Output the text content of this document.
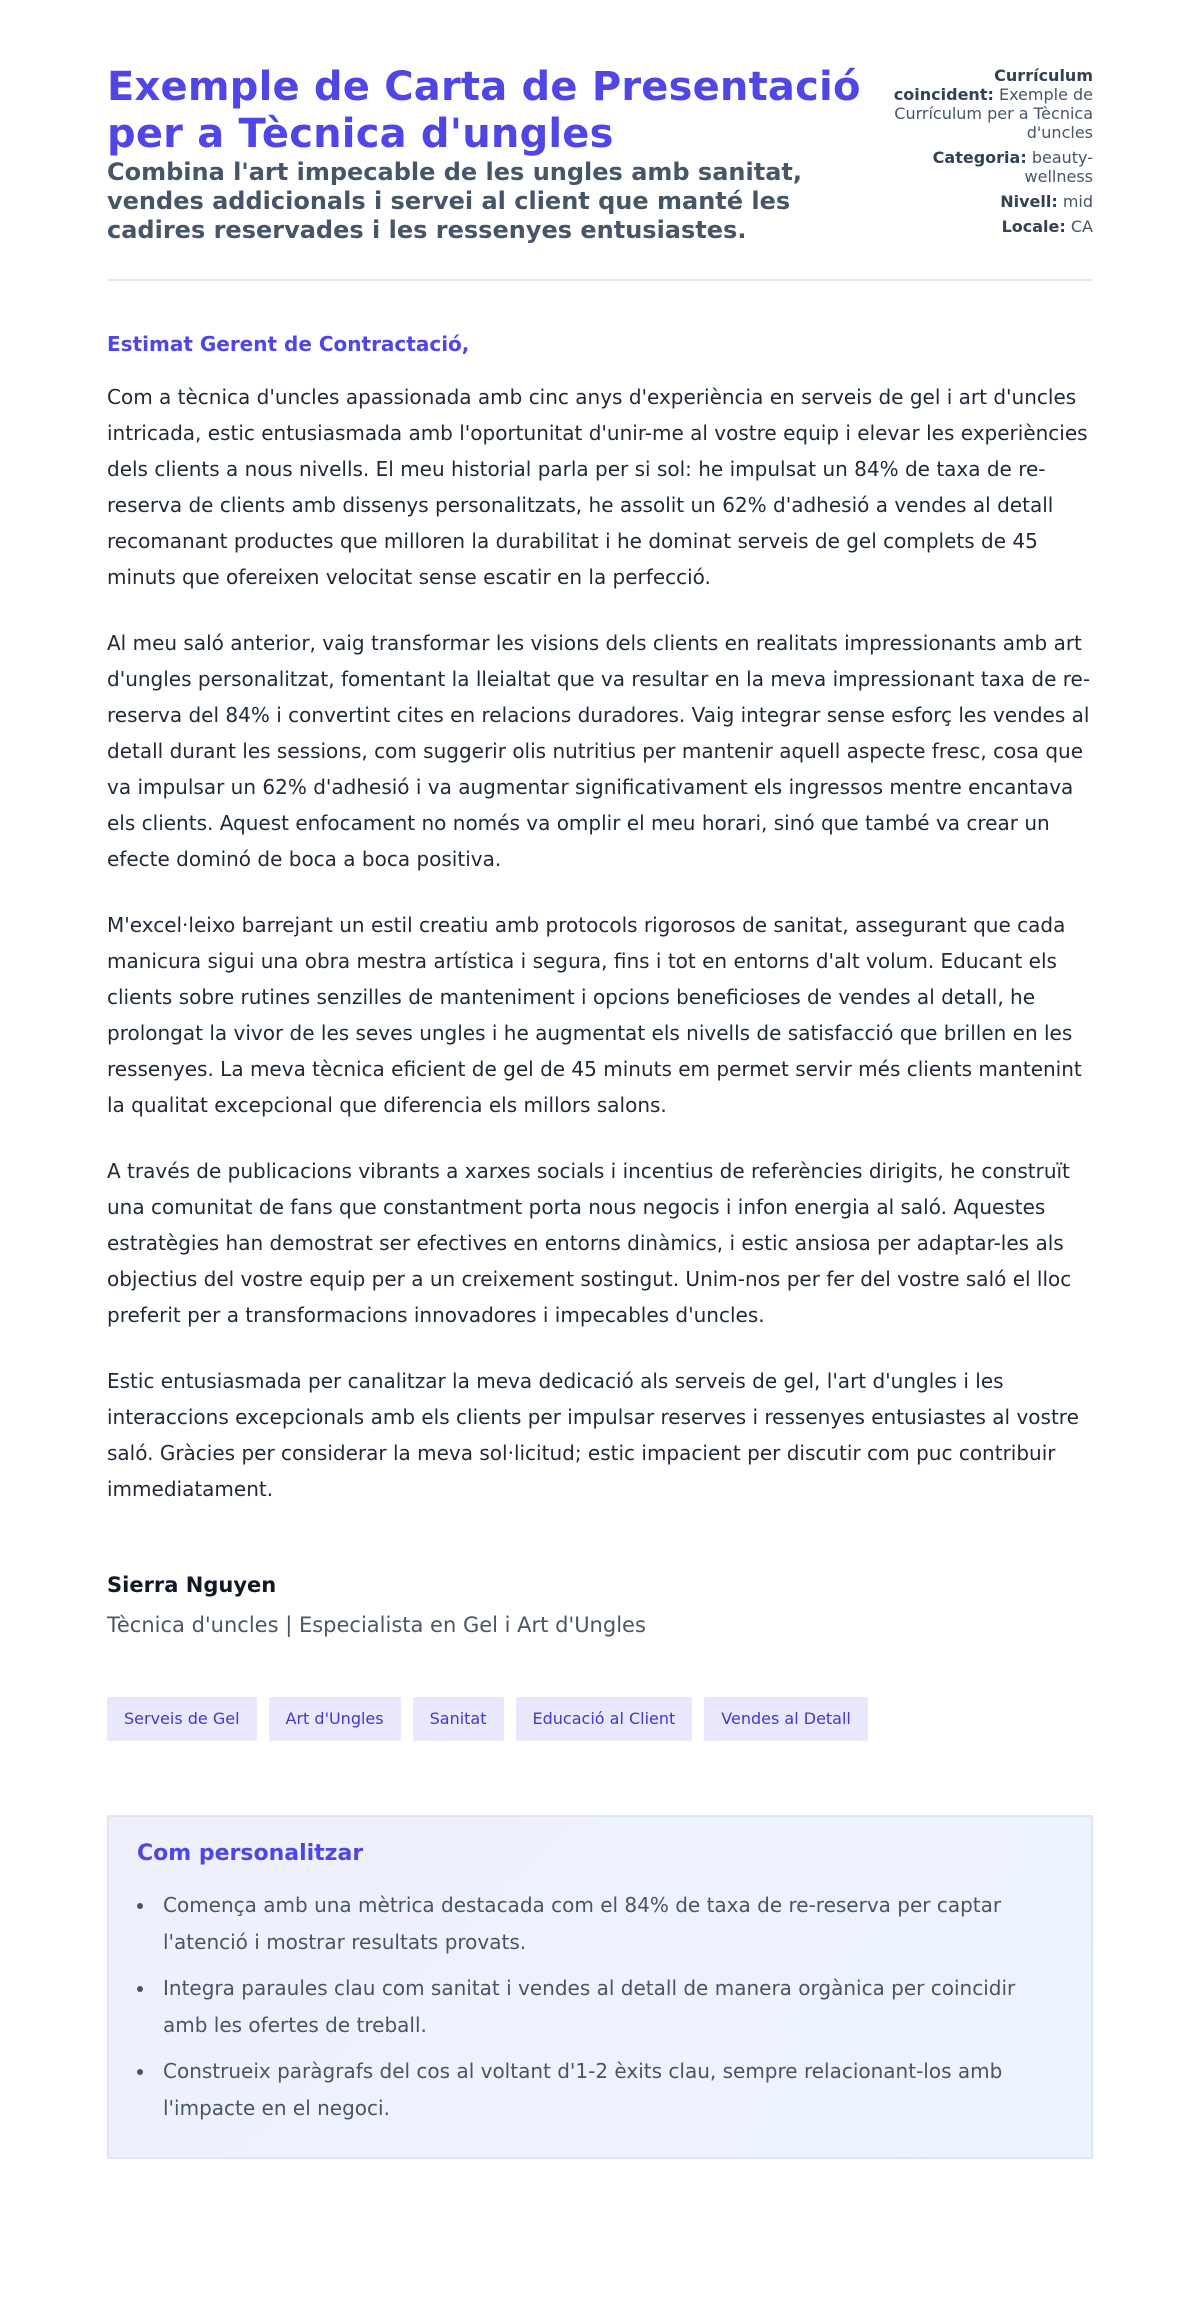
Exemple de Carta de Presentació per a Tècnica d'ungles
Combina l'art impecable de les ungles amb sanitat, vendes addicionals i servei al client que manté les cadires reservades i les ressenyes entusiastes.
Currículum coincident: Exemple de Currículum per a Tècnica d'uncles
Categoria: beauty-wellness
Nivell: mid
Locale: CA

Estimat Gerent de Contractació,

Com a tècnica d'uncles apassionada amb cinc anys d'experiència en serveis de gel i art d'uncles intricada, estic entusiasmada amb l'oportunitat d'unir-me al vostre equip i elevar les experiències dels clients a nous nivells. El meu historial parla per si sol: he impulsat un 84% de taxa de re-reserva de clients amb dissenys personalitzats, he assolit un 62% d'adhesió a vendes al detall recomanant productes que milloren la durabilitat i he dominat serveis de gel complets de 45 minuts que ofereixen velocitat sense escatir en la perfecció.

Al meu saló anterior, vaig transformar les visions dels clients en realitats impressionants amb art d'ungles personalitzat, fomentant la lleialtat que va resultar en la meva impressionant taxa de re-reserva del 84% i convertint cites en relacions duradores. Vaig integrar sense esforç les vendes al detall durant les sessions, com suggerir olis nutritius per mantenir aquell aspecte fresc, cosa que va impulsar un 62% d'adhesió i va augmentar significativament els ingressos mentre encantava els clients. Aquest enfocament no només va omplir el meu horari, sinó que també va crear un efecte dominó de boca a boca positiva.

M'excel·leixo barrejant un estil creatiu amb protocols rigorosos de sanitat, assegurant que cada manicura sigui una obra mestra artística i segura, fins i tot en entorns d'alt volum. Educant els clients sobre rutines senzilles de manteniment i opcions beneficioses de vendes al detall, he prolongat la vivor de les seves ungles i he augmentat els nivells de satisfacció que brillen en les ressenyes. La meva tècnica eficient de gel de 45 minuts em permet servir més clients mantenint la qualitat excepcional que diferencia els millors salons.

A través de publicacions vibrants a xarxes socials i incentius de referències dirigits, he construït una comunitat de fans que constantment porta nous negocis i infon energia al saló. Aquestes estratègies han demostrat ser efectives en entorns dinàmics, i estic ansiosa per adaptar-les als objectius del vostre equip per a un creixement sostingut. Unim-nos per fer del vostre saló el lloc preferit per a transformacions innovadores i impecables d'uncles.

Estic entusiasmada per canalitzar la meva dedicació als serveis de gel, l'art d'ungles i les interaccions excepcionals amb els clients per impulsar reserves i ressenyes entusiastes al vostre saló. Gràcies per considerar la meva sol·licitud; estic impacient per discutir com puc contribuir immediatament.

Sierra Nguyen
Tècnica d'uncles | Especialista en Gel i Art d'Ungles
Serveis de Gel	Art d'Ungles	Sanitat	Educació al Client	Vendes al Detall
Com personalitzar
Comença amb una mètrica destacada com el 84% de taxa de re-reserva per captar l'atenció i mostrar resultats provats.
Integra paraules clau com sanitat i vendes al detall de manera orgànica per coincidir amb les ofertes de treball.
Construeix paràgrafs del cos al voltant d'1-2 èxits clau, sempre relacionant-los amb l'impacte en el negoci.
